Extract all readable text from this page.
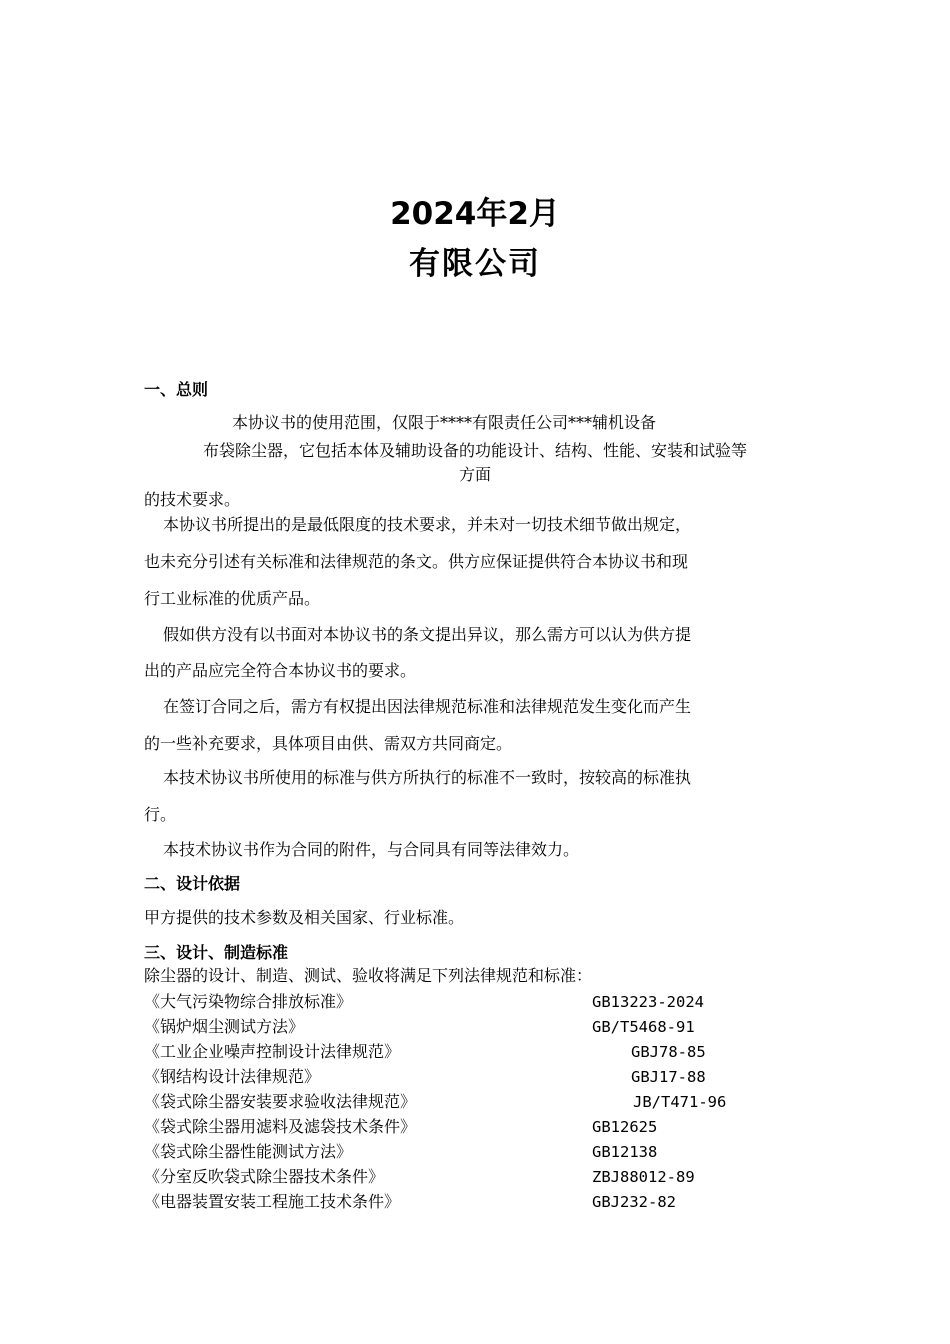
2024年2月
有限公司
一、总则
本协议书的使用范围，仅限于****有限责任公司***辅机设备
布袋除尘器，它包括本体及辅助设备的功能设计、结构、性能、安装和试验等
方面
的技术要求。
本协议书所提出的是最低限度的技术要求，并未对一切技术细节做出规定，
也未充分引述有关标准和法律规范的条文。供方应保证提供符合本协议书和现
行工业标准的优质产品。
假如供方没有以书面对本协议书的条文提出异议，那么需方可以认为供方提
出的产品应完全符合本协议书的要求。
在签订合同之后，需方有权提出因法律规范标准和法律规范发生变化而产生
的一些补充要求，具体项目由供、需双方共同商定。
本技术协议书所使用的标准与供方所执行的标准不一致时，按较高的标准执
行。
本技术协议书作为合同的附件，与合同具有同等法律效力。
二、设计依据
甲方提供的技术参数及相关国家、行业标准。
三、设计、制造标准
除尘器的设计、制造、测试、验收将满足下列法律规范和标准：
《大气污染物综合排放标准》	GB13223-2024
《锅炉烟尘测试方法》	GB/T5468-91
《工业企业噪声控制设计法律规范》	GBJ78-85
《钢结构设计法律规范》	GBJ17-88
《袋式除尘器安装要求验收法律规范》	JB/T471-96
《袋式除尘器用滤料及滤袋技术条件》	GB12625
《袋式除尘器性能测试方法》	GB12138
《分室反吹袋式除尘器技术条件》	ZBJ88012-89
《电器装置安装工程施工技术条件》	GBJ232-82
